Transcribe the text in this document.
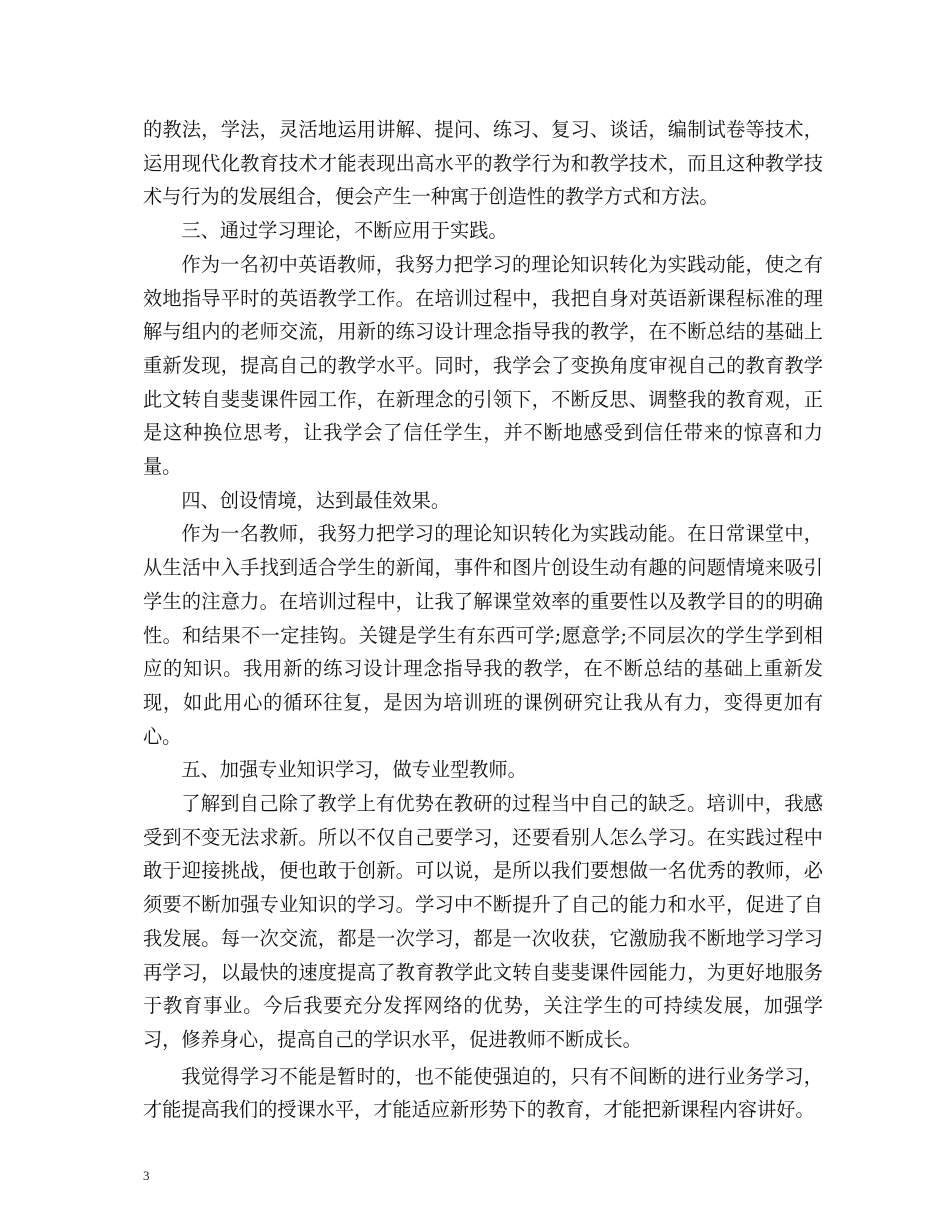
的教法，学法，灵活地运用讲解、提问、练习、复习、谈话，编制试卷等技术，运用现代化教育技术才能表现出高水平的教学行为和教学技术，而且这种教学技术与行为的发展组合，便会产生一种寓于创造性的教学方式和方法。

三、通过学习理论，不断应用于实践。

作为一名初中英语教师，我努力把学习的理论知识转化为实践动能，使之有效地指导平时的英语教学工作。在培训过程中，我把自身对英语新课程标准的理解与组内的老师交流，用新的练习设计理念指导我的教学，在不断总结的基础上重新发现，提高自己的教学水平。同时，我学会了变换角度审视自己的教育教学此文转自斐斐课件园工作，在新理念的引领下，不断反思、调整我的教育观，正是这种换位思考，让我学会了信任学生，并不断地感受到信任带来的惊喜和力量。

四、创设情境，达到最佳效果。

作为一名教师，我努力把学习的理论知识转化为实践动能。在日常课堂中，从生活中入手找到适合学生的新闻，事件和图片创设生动有趣的问题情境来吸引学生的注意力。在培训过程中，让我了解课堂效率的重要性以及教学目的的明确性。和结果不一定挂钩。关键是学生有东西可学;愿意学;不同层次的学生学到相应的知识。我用新的练习设计理念指导我的教学，在不断总结的基础上重新发现，如此用心的循环往复，是因为培训班的课例研究让我从有力，变得更加有心。

五、加强专业知识学习，做专业型教师。

了解到自己除了教学上有优势在教研的过程当中自己的缺乏。培训中，我感受到不变无法求新。所以不仅自己要学习，还要看别人怎么学习。在实践过程中敢于迎接挑战，便也敢于创新。可以说，是所以我们要想做一名优秀的教师，必须要不断加强专业知识的学习。学习中不断提升了自己的能力和水平，促进了自我发展。每一次交流，都是一次学习，都是一次收获，它激励我不断地学习学习再学习，以最快的速度提高了教育教学此文转自斐斐课件园能力，为更好地服务于教育事业。今后我要充分发挥网络的优势，关注学生的可持续发展，加强学习，修养身心，提高自己的学识水平，促进教师不断成长。

我觉得学习不能是暂时的，也不能使强迫的，只有不间断的进行业务学习，才能提高我们的授课水平，才能适应新形势下的教育，才能把新课程内容讲好。

3
